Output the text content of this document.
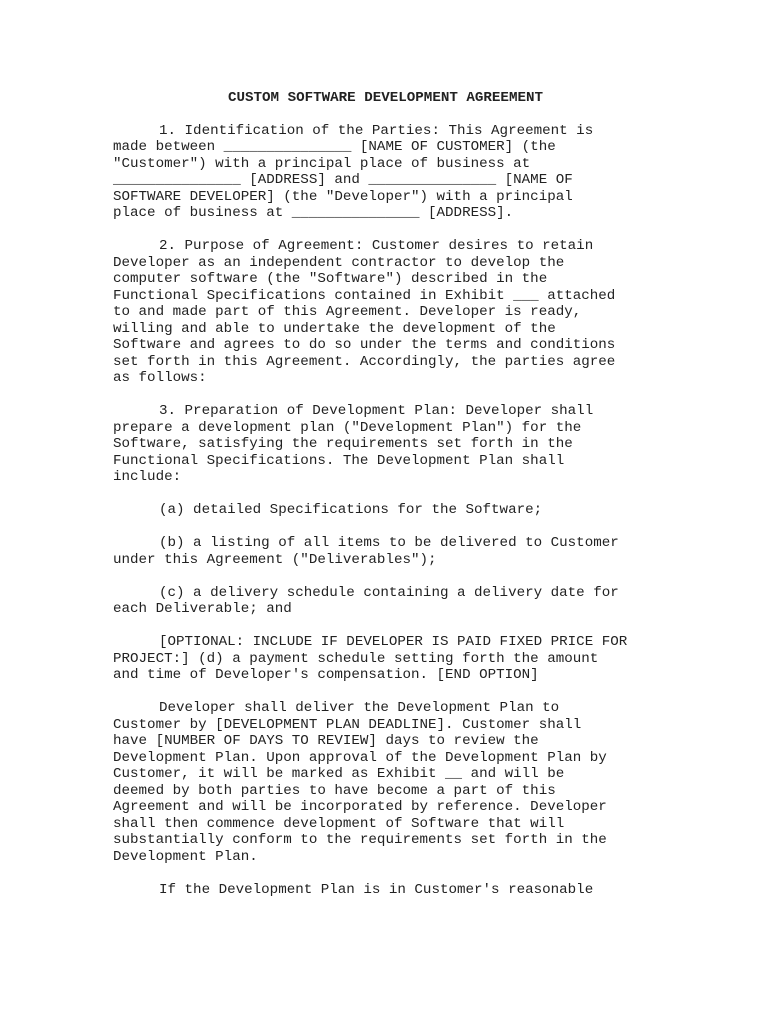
CUSTOM SOFTWARE DEVELOPMENT AGREEMENT
1. Identification of the Parties: This Agreement is
made between _______________ [NAME OF CUSTOMER] (the
"Customer") with a principal place of business at
_______________ [ADDRESS] and _______________ [NAME OF
SOFTWARE DEVELOPER] (the "Developer") with a principal
place of business at _______________ [ADDRESS].
2. Purpose of Agreement: Customer desires to retain
Developer as an independent contractor to develop the
computer software (the "Software") described in the
Functional Specifications contained in Exhibit ___ attached
to and made part of this Agreement. Developer is ready,
willing and able to undertake the development of the
Software and agrees to do so under the terms and conditions
set forth in this Agreement. Accordingly, the parties agree
as follows:
3. Preparation of Development Plan: Developer shall
prepare a development plan ("Development Plan") for the
Software, satisfying the requirements set forth in the
Functional Specifications. The Development Plan shall
include:
(a) detailed Specifications for the Software;
(b) a listing of all items to be delivered to Customer
under this Agreement ("Deliverables");
(c) a delivery schedule containing a delivery date for
each Deliverable; and
[OPTIONAL: INCLUDE IF DEVELOPER IS PAID FIXED PRICE FOR
PROJECT:] (d) a payment schedule setting forth the amount
and time of Developer's compensation. [END OPTION]
Developer shall deliver the Development Plan to
Customer by [DEVELOPMENT PLAN DEADLINE]. Customer shall
have [NUMBER OF DAYS TO REVIEW] days to review the
Development Plan. Upon approval of the Development Plan by
Customer, it will be marked as Exhibit __ and will be
deemed by both parties to have become a part of this
Agreement and will be incorporated by reference. Developer
shall then commence development of Software that will
substantially conform to the requirements set forth in the
Development Plan.
If the Development Plan is in Customer's reasonable
